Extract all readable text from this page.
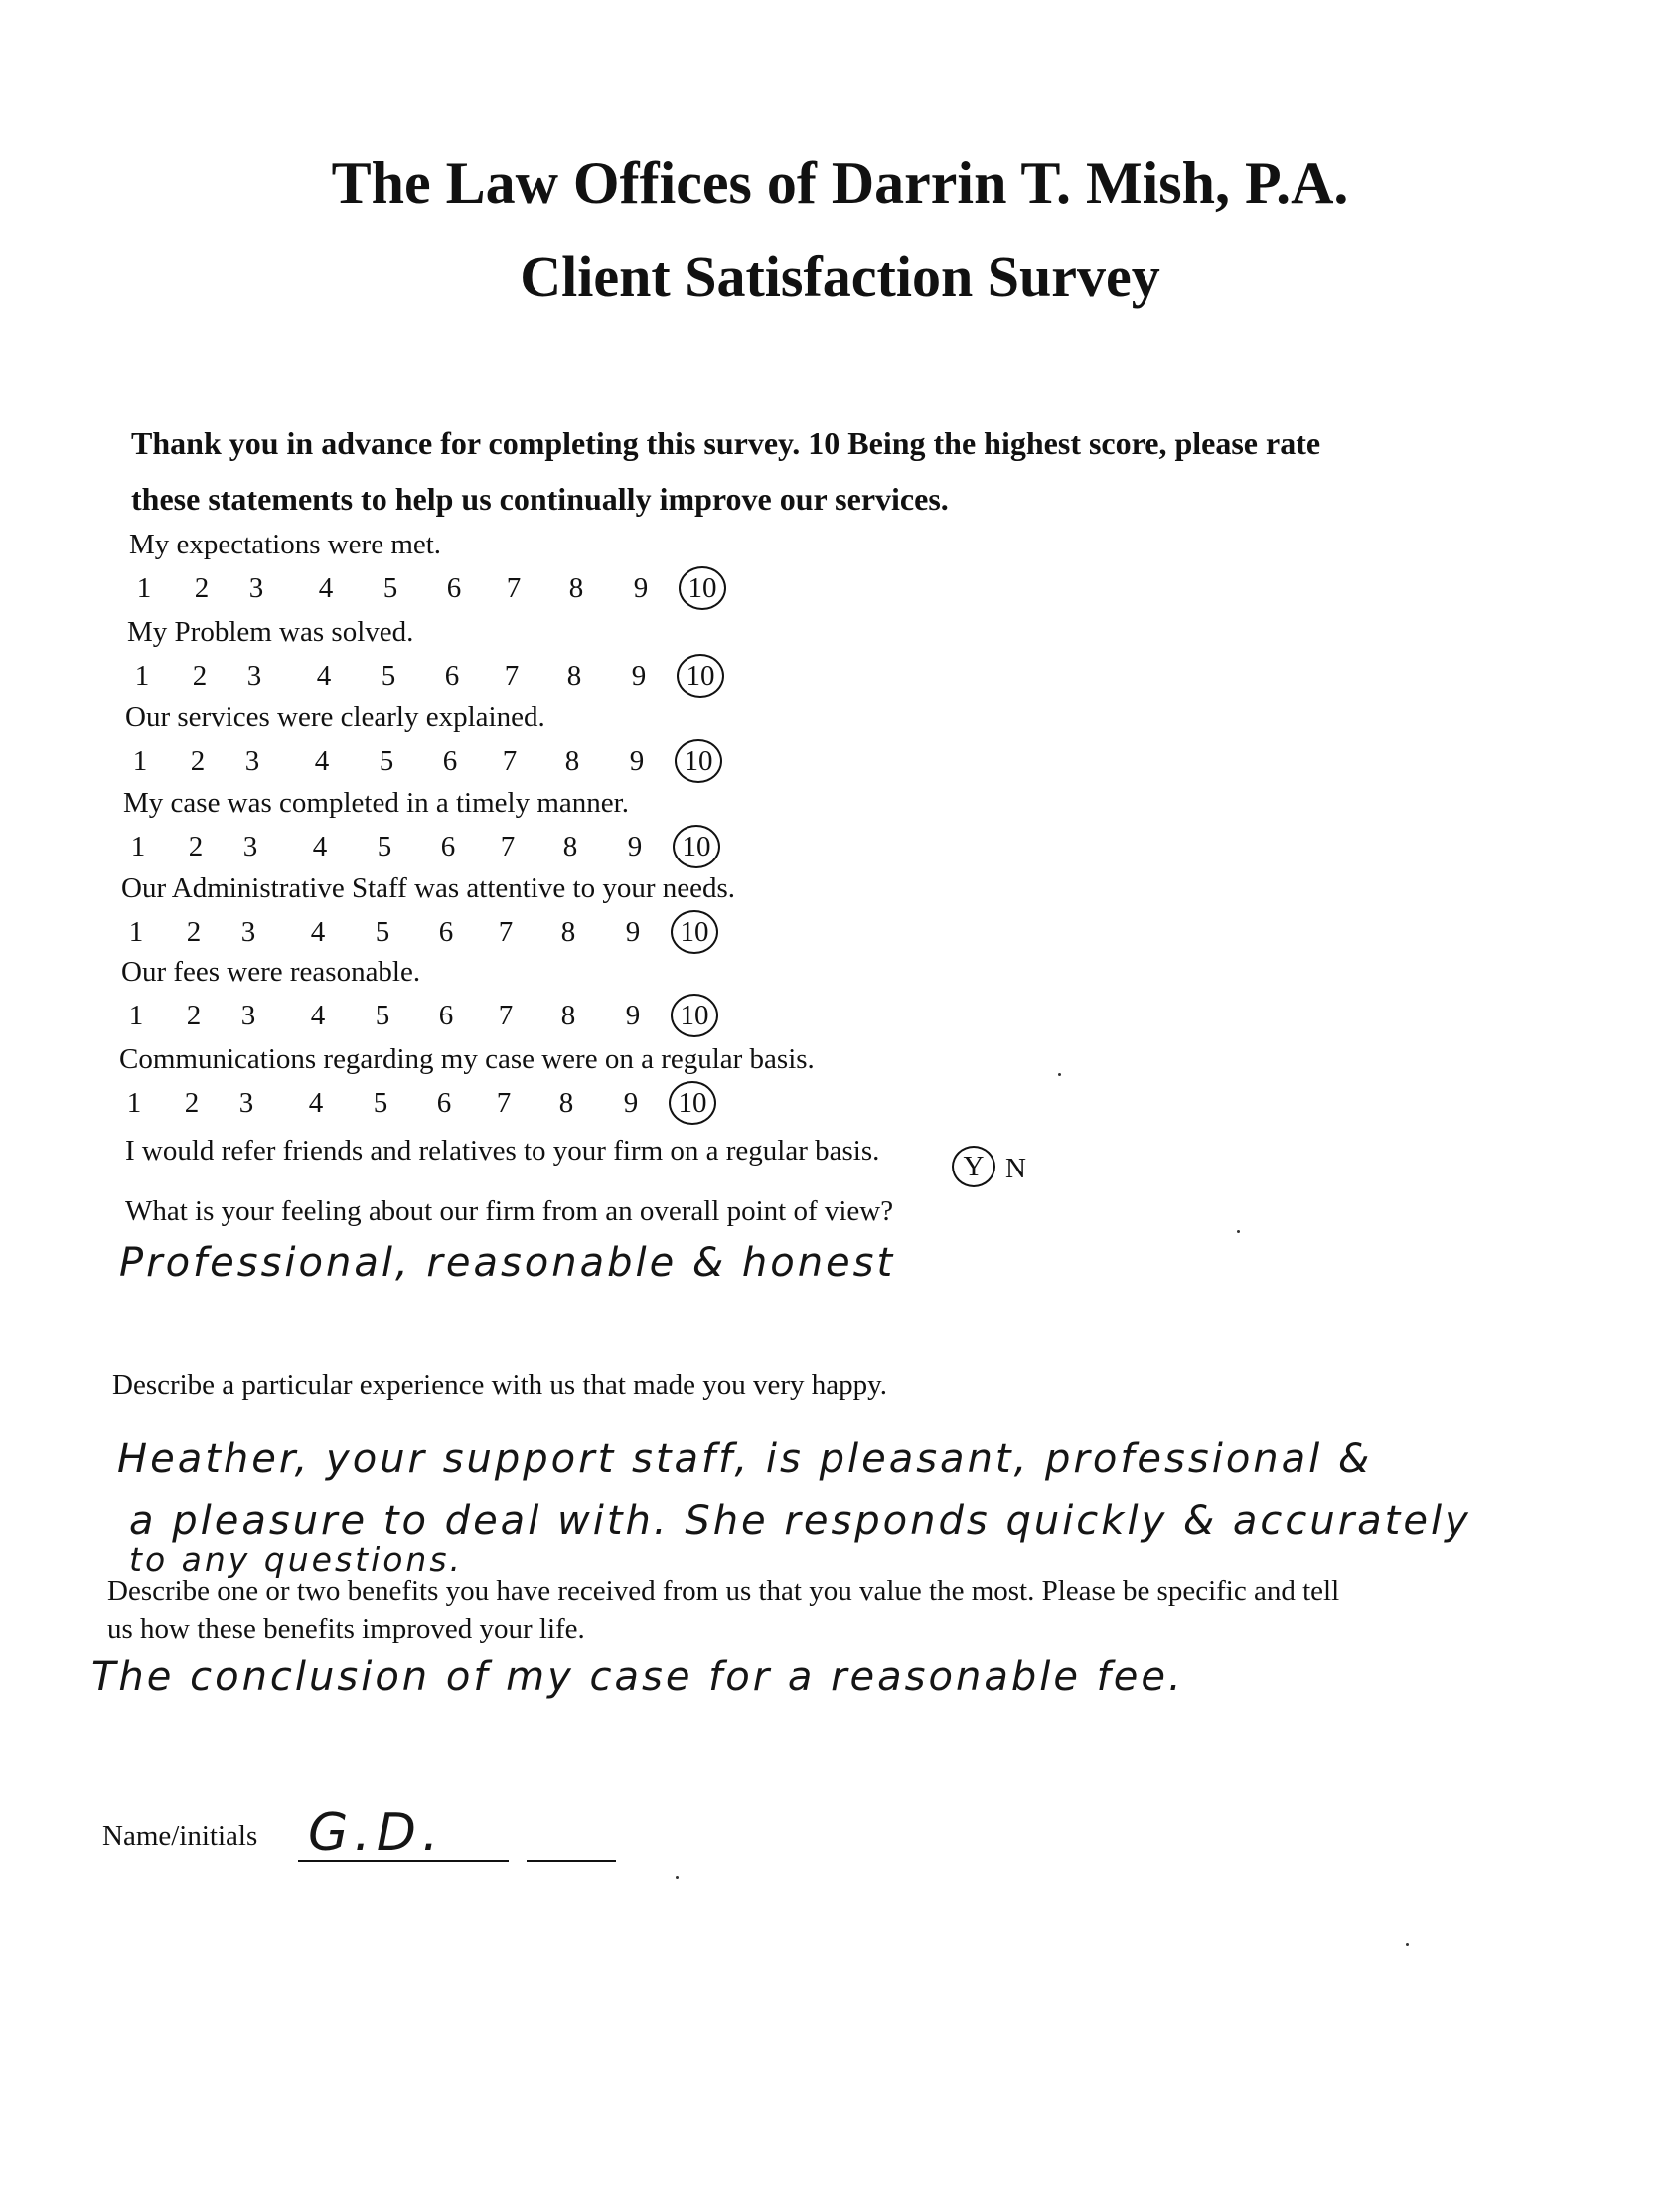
The Law Offices of Darrin T. Mish, P.A.
Client Satisfaction Survey
Thank you in advance for completing this survey. 10 Being the highest score, please rate
these statements to help us continually improve our services.
My expectations were met.
1 2 3 4 5 6 7 8 9	10
My Problem was solved.
1 2 3 4 5 6 7 8 9	10
Our services were clearly explained.
1 2 3 4 5 6 7 8 9	10
My case was completed in a timely manner.
1 2 3 4 5 6 7 8 9	10
Our Administrative Staff was attentive to your needs.
1 2 3 4 5 6 7 8 9	10
Our fees were reasonable.
1 2 3 4 5 6 7 8 9	10
Communications regarding my case were on a regular basis.
1 2 3 4 5 6 7 8 9	10
I would refer friends and relatives to your firm on a regular basis.	Y N
What is your feeling about our firm from an overall point of view?
Professional, reasonable & honest
Describe a particular experience with us that made you very happy.
Heather, your support staff, is pleasant, professional &
a pleasure to deal with. She responds quickly & accurately
to any questions.
Describe one or two benefits you have received from us that you value the most. Please be specific and tell
us how these benefits improved your life.
The conclusion of my case for a reasonable fee.
Name/initials G.D.
